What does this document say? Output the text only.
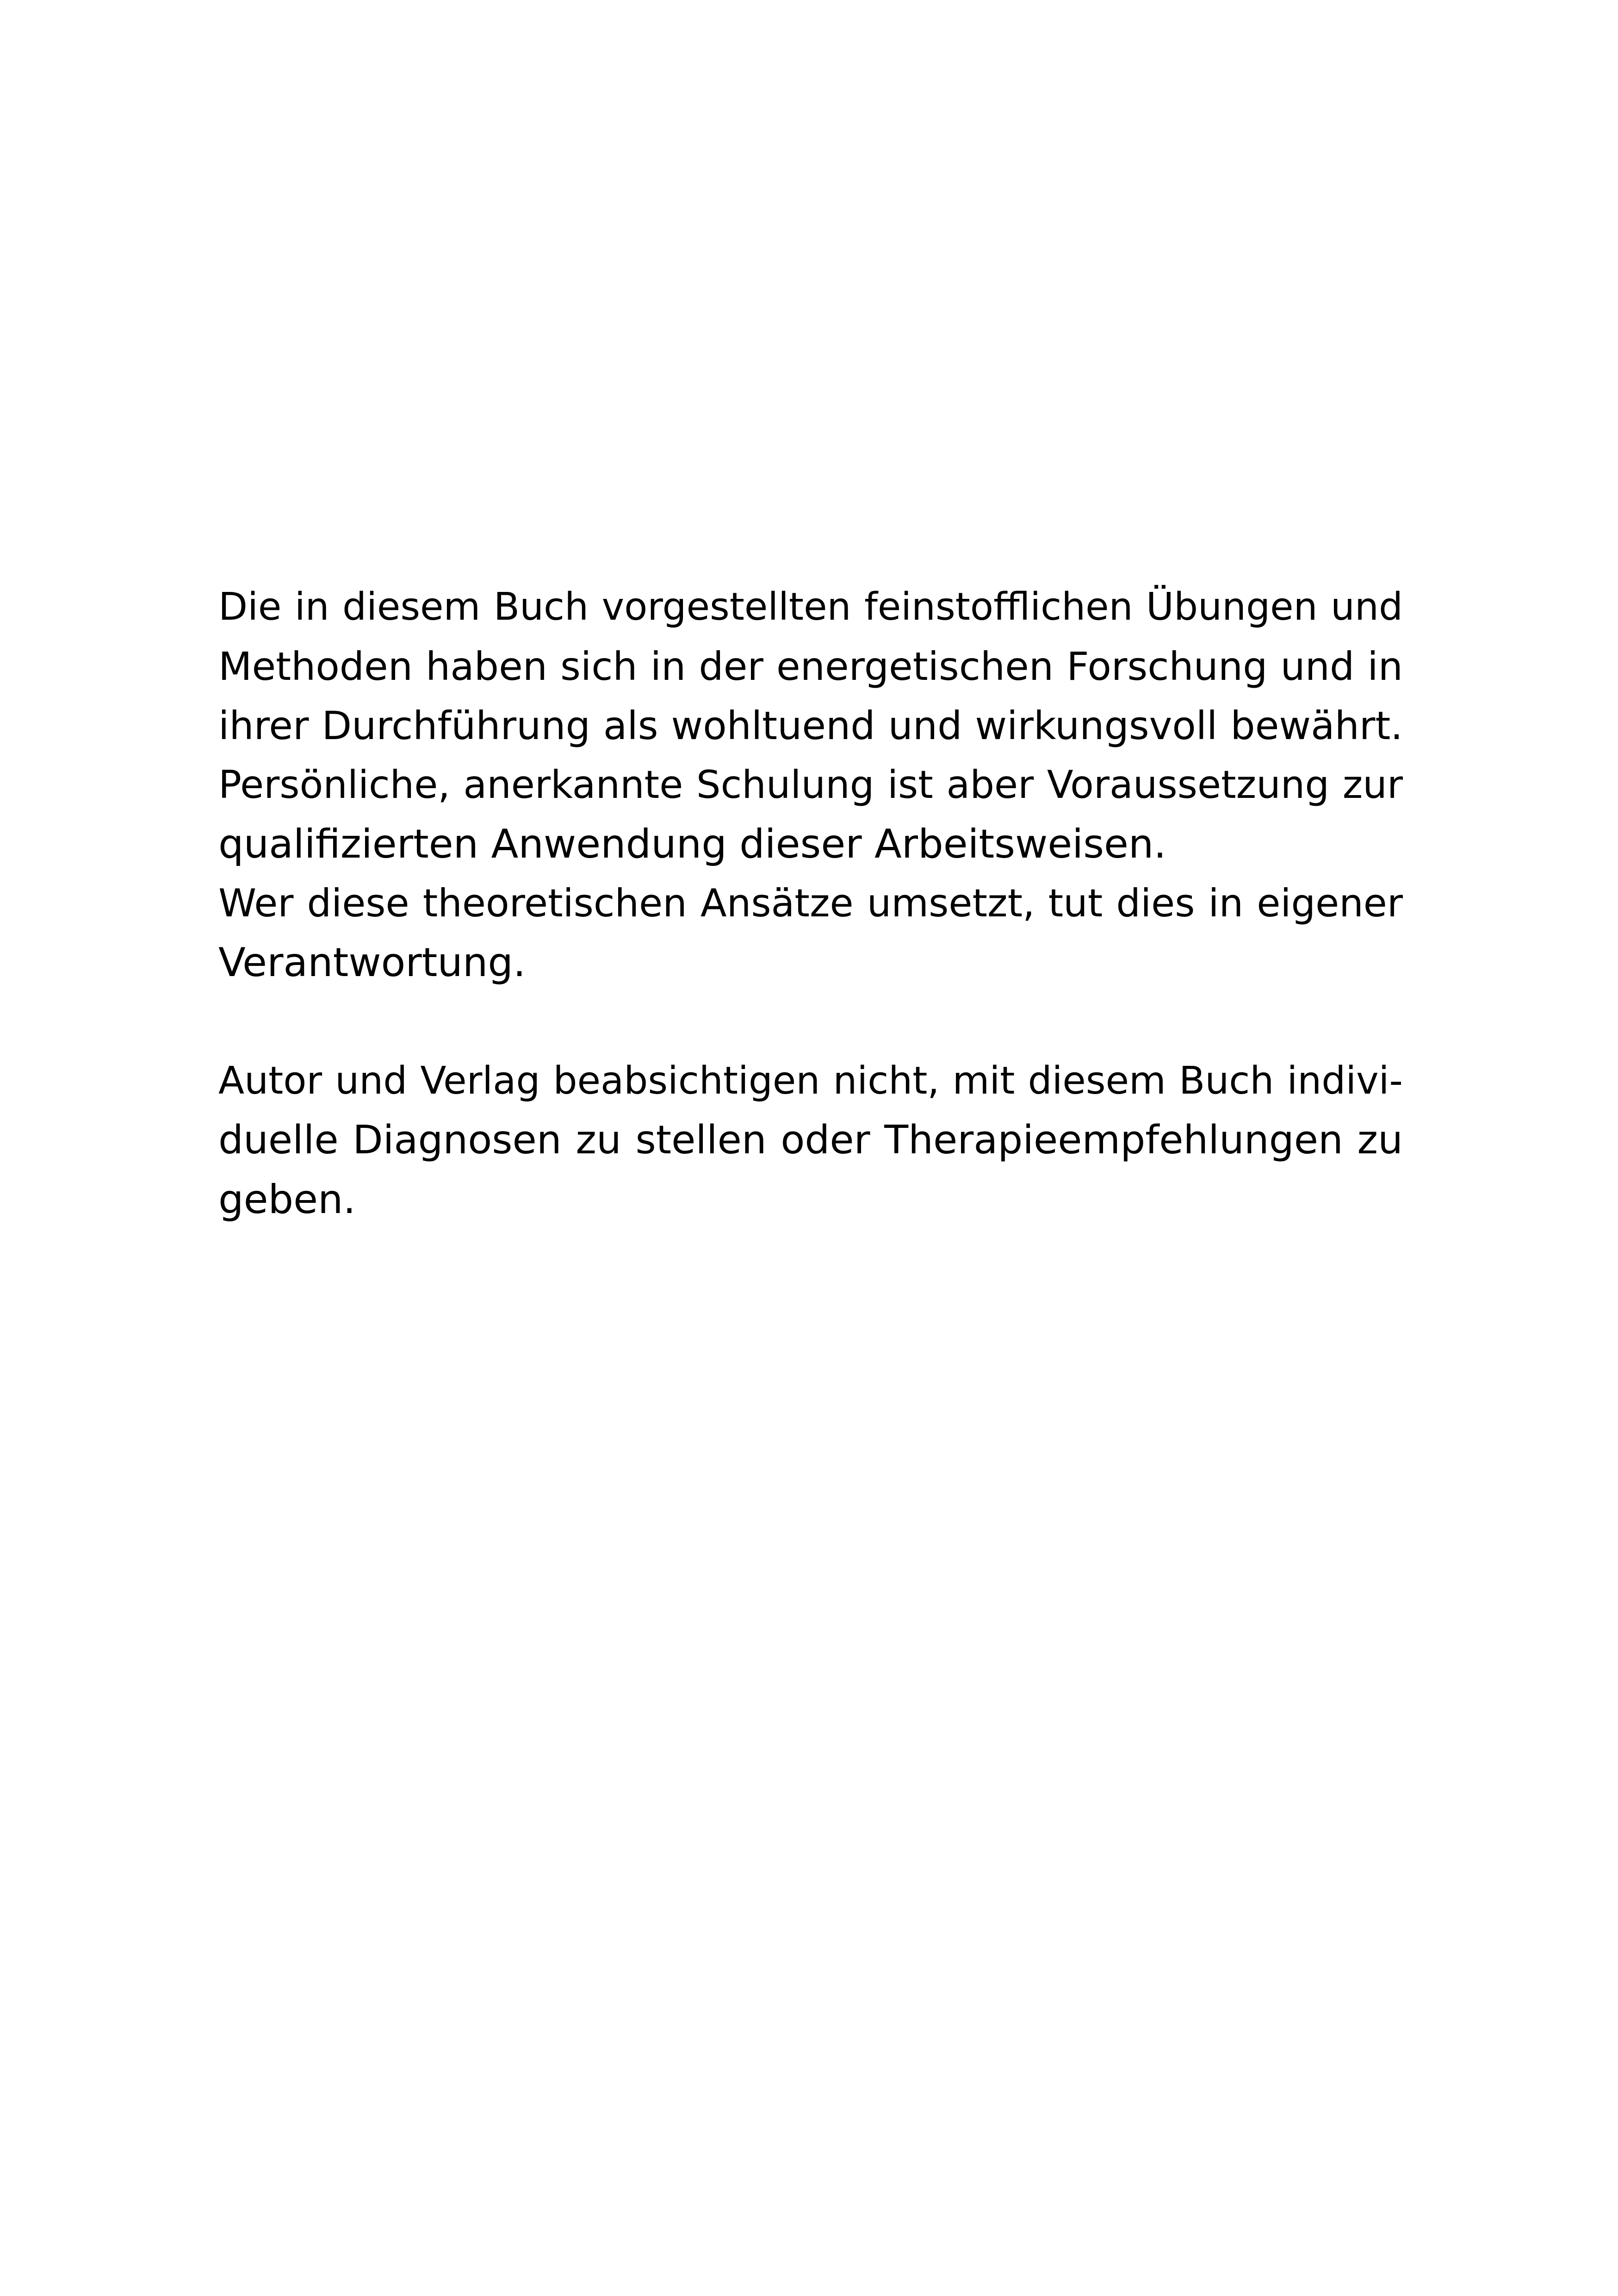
Die in diesem Buch vorgestellten feinstofflichen Übungen und
Methoden haben sich in der energetischen Forschung und in
ihrer Durchführung als wohltuend und wirkungsvoll bewährt.
Persönliche, anerkannte Schulung ist aber Voraussetzung zur
qualifizierten Anwendung dieser Arbeitsweisen.
Wer diese theoretischen Ansätze umsetzt, tut dies in eigener
Verantwortung.
Autor und Verlag beabsichtigen nicht, mit diesem Buch indivi-
duelle Diagnosen zu stellen oder Therapieempfehlungen zu
geben.
